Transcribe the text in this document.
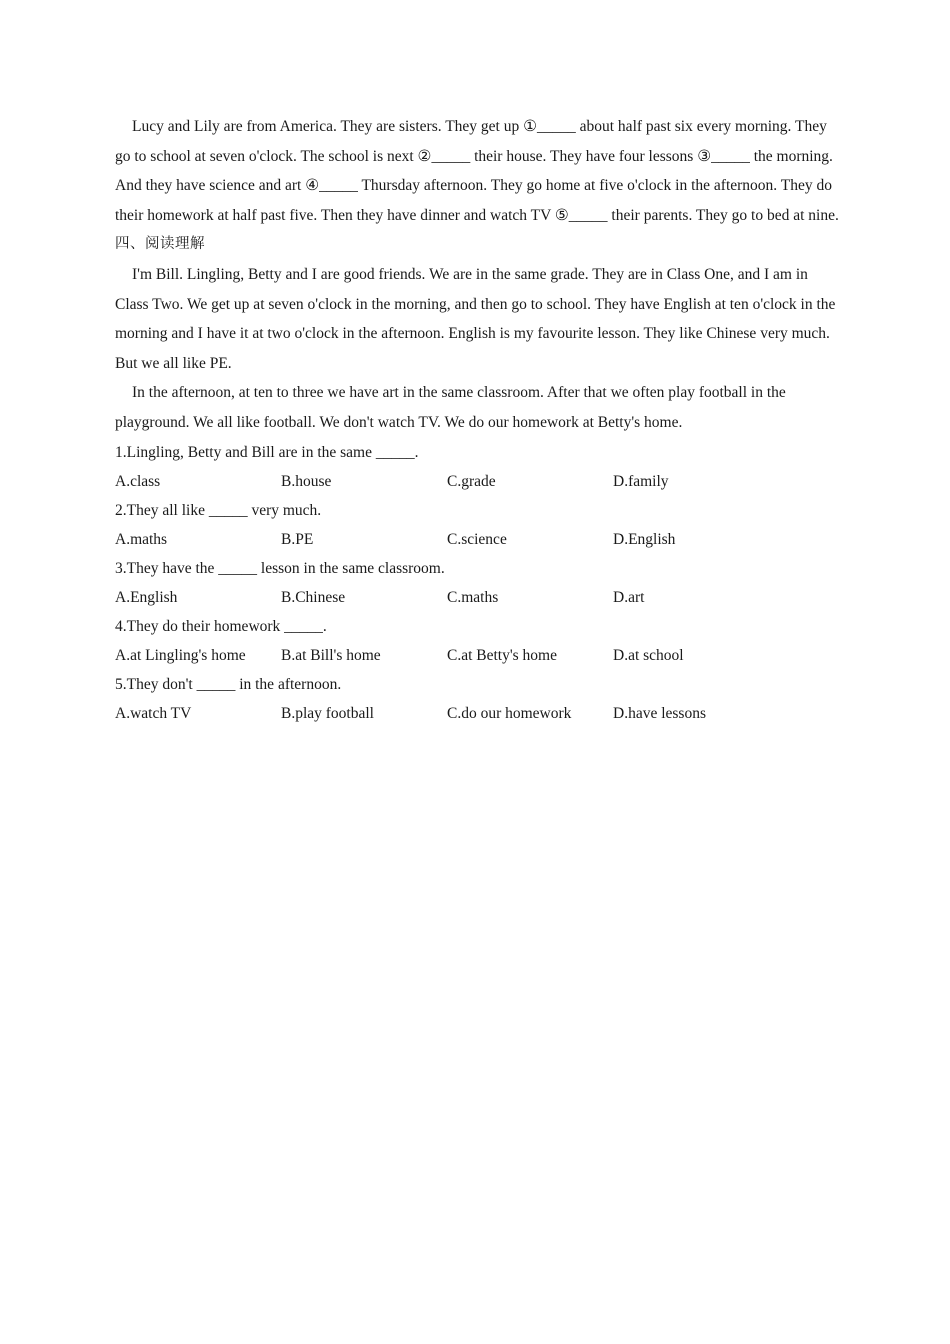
Lucy and Lily are from America. They are sisters. They get up ①_____ about half past six every morning. They go to school at seven o'clock. The school is next ②_____ their house. They have four lessons ③_____ the morning. And they have science and art ④_____ Thursday afternoon. They go home at five o'clock in the afternoon. They do their homework at half past five. Then they have dinner and watch TV ⑤_____ their parents. They go to bed at nine.

四、阅读理解

I'm Bill. Lingling, Betty and I are good friends. We are in the same grade. They are in Class One, and I am in Class Two. We get up at seven o'clock in the morning, and then go to school. They have English at ten o'clock in the morning and I have it at two o'clock in the afternoon. English is my favourite lesson. They like Chinese very much. But we all like PE.

In the afternoon, at ten to three we have art in the same classroom. After that we often play football in the playground. We all like football. We don't watch TV. We do our homework at Betty's home.

1.Lingling, Betty and Bill are in the same _____.

A.class	B.house	C.grade	D.family

2.They all like _____ very much.

A.maths	B.PE	C.science	D.English

3.They have the _____ lesson in the same classroom.

A.English	B.Chinese	C.maths	D.art

4.They do their homework _____.

A.at Lingling's home	B.at Bill's home	C.at Betty's home	D.at school

5.They don't _____ in the afternoon.

A.watch TV	B.play football	C.do our homework	D.have lessons
